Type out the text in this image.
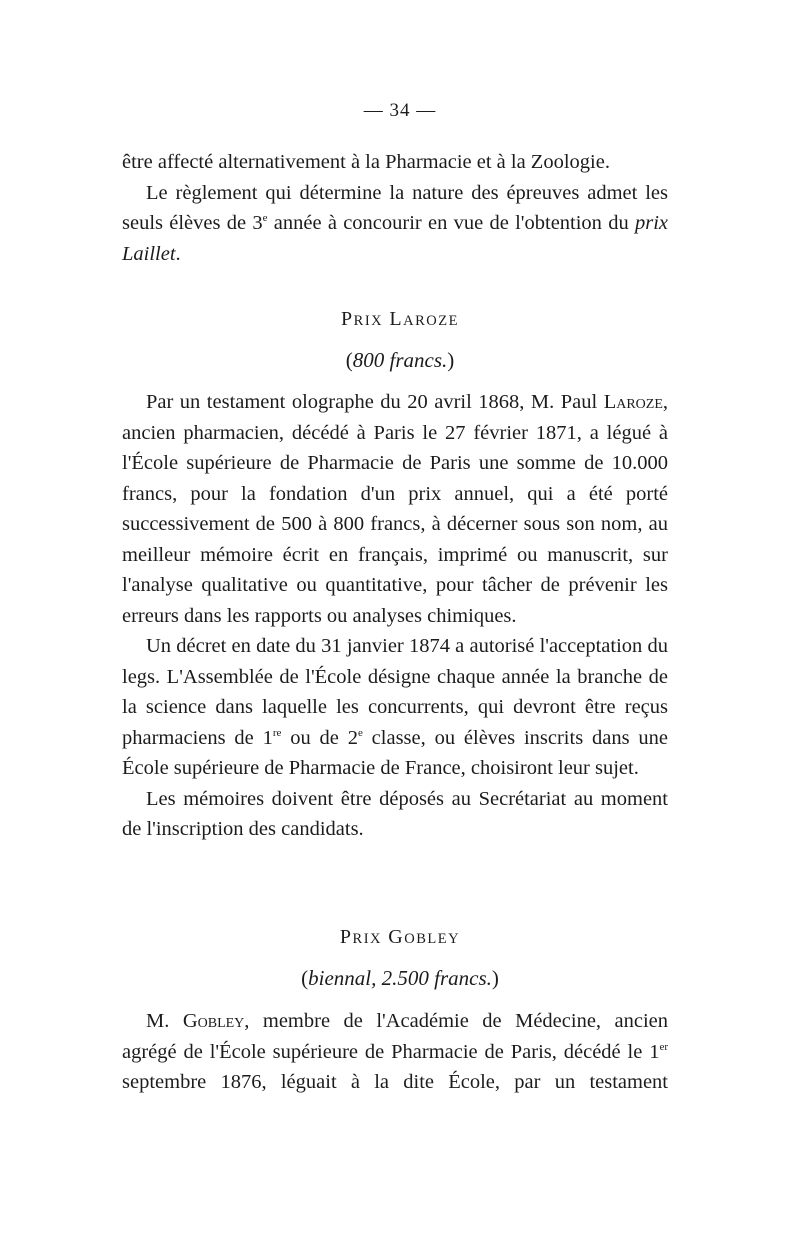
— 34 —

être affecté alternativement à la Pharmacie et à la Zoologie.

Le règlement qui détermine la nature des épreuves admet les seuls élèves de 3e année à concourir en vue de l'obtention du prix Laillet.

PRIX LAROZE
(800 francs.)

Par un testament olographe du 20 avril 1868, M. Paul Laroze, ancien pharmacien, décédé à Paris le 27 février 1871, a légué à l'École supérieure de Pharmacie de Paris une somme de 10.000 francs, pour la fondation d'un prix annuel, qui a été porté successivement de 500 à 800 francs, à décerner sous son nom, au meilleur mémoire écrit en français, imprimé ou manuscrit, sur l'analyse qualitative ou quantitative, pour tâcher de prévenir les erreurs dans les rapports ou analyses chimiques.

Un décret en date du 31 janvier 1874 a autorisé l'acceptation du legs. L'Assemblée de l'École désigne chaque année la branche de la science dans laquelle les concurrents, qui devront être reçus pharmaciens de 1re ou de 2e classe, ou élèves inscrits dans une École supérieure de Pharmacie de France, choisiront leur sujet.

Les mémoires doivent être déposés au Secrétariat au moment de l'inscription des candidats.

PRIX GOBLEY
(biennal, 2.500 francs.)

M. Gobley, membre de l'Académie de Médecine, ancien agrégé de l'École supérieure de Pharmacie de Paris, décédé le 1er septembre 1876, léguait à la dite École, par un testament
